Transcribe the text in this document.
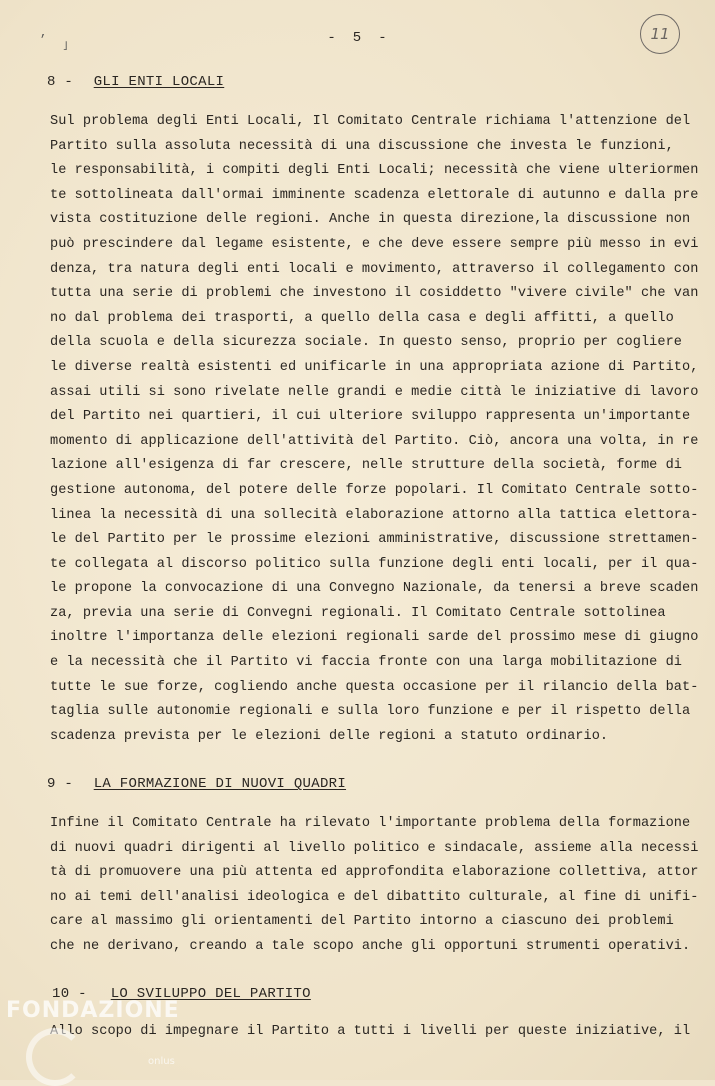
,
˩
- 5 -	11
8 - GLI ENTI LOCALI
Sul problema degli Enti Locali, Il Comitato Centrale richiama l'attenzione del
Partito sulla assoluta necessità di una discussione che investa le funzioni,
le responsabilità, i compiti degli Enti Locali; necessità che viene ulteriormen
te sottolineata dall'ormai imminente scadenza elettorale di autunno e dalla pre
vista costituzione delle regioni. Anche in questa direzione,la discussione non
può prescindere dal legame esistente, e che deve essere sempre più messo in evi
denza, tra natura degli enti locali e movimento, attraverso il collegamento con
tutta una serie di problemi che investono il cosiddetto "vivere civile" che van
no dal problema dei trasporti, a quello della casa e degli affitti, a quello
della scuola e della sicurezza sociale. In questo senso, proprio per cogliere
le diverse realtà esistenti ed unificarle in una appropriata azione di Partito,
assai utili si sono rivelate nelle grandi e medie città le iniziative di lavoro
del Partito nei quartieri, il cui ulteriore sviluppo rappresenta un'importante
momento di applicazione dell'attività del Partito. Ciò, ancora una volta, in re
lazione all'esigenza di far crescere, nelle strutture della società, forme di
gestione autonoma, del potere delle forze popolari. Il Comitato Centrale sotto-
linea la necessità di una sollecità elaborazione attorno alla tattica elettora-
le del Partito per le prossime elezioni amministrative, discussione strettamen-
te collegata al discorso politico sulla funzione degli enti locali, per il qua-
le propone la convocazione di una Convegno Nazionale, da tenersi a breve scaden
za, previa una serie di Convegni regionali. Il Comitato Centrale sottolinea
inoltre l'importanza delle elezioni regionali sarde del prossimo mese di giugno
e la necessità che il Partito vi faccia fronte con una larga mobilitazione di
tutte le sue forze, cogliendo anche questa occasione per il rilancio della bat-
taglia sulle autonomie regionali e sulla loro funzione e per il rispetto della
scadenza prevista per le elezioni delle regioni a statuto ordinario.
9 - LA FORMAZIONE DI NUOVI QUADRI
Infine il Comitato Centrale ha rilevato l'importante problema della formazione
di nuovi quadri dirigenti al livello politico e sindacale, assieme alla necessi
tà di promuovere una più attenta ed approfondita elaborazione collettiva, attor
no ai temi dell'analisi ideologica e del dibattito culturale, al fine di unifi-
care al massimo gli orientamenti del Partito intorno a ciascuno dei problemi
che ne derivano, creando a tale scopo anche gli opportuni strumenti operativi.
10 - LO SVILUPPO DEL PARTITO
Allo scopo di impegnare il Partito a tutti i livelli per queste iniziative, il
FONDAZIONE
onlus
